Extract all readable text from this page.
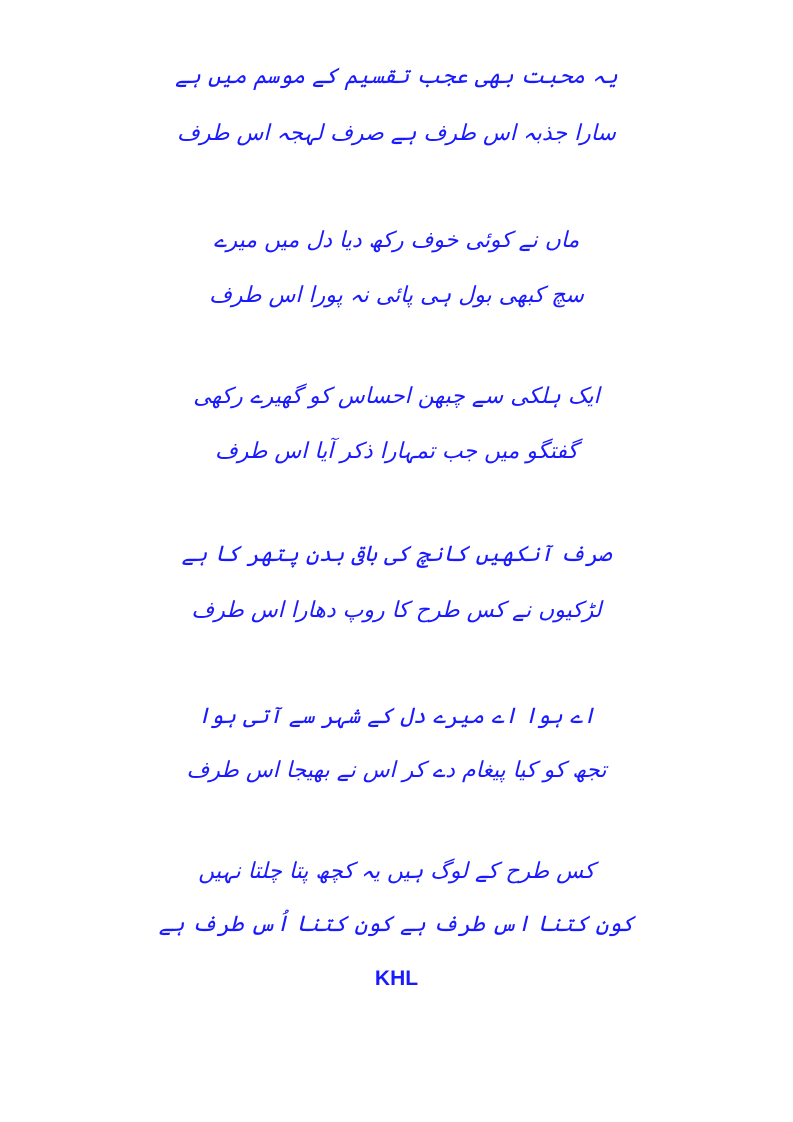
یہ محبت بھی عجب تقسیم کے موسم میں ہے
سارا جذبہ اس طرف ہے صرف لہجہ اس طرف
ماں نے کوئی خوف رکھ دیا دل میں میرے
سچ کبھی بول ہی پائی نہ پورا اس طرف
ایک ہلکی سے چبھن احساس کو گھیرے رکھی
گفتگو میں جب تمہارا ذکر آیا اس طرف
صرف آنکھیں کانچ کی باقی بدن پتھر کا ہے
لڑکیوں نے کس طرح کا روپ دھارا اس طرف
اے ہوا اے میرے دل کے شہر سے آتی ہوا
تجھ کو کیا پیغام دے کر اس نے بھیجا اس طرف
کس طرح کے لوگ ہیں یہ کچھ پتا چلتا نہیں
کون کتنا اس طرف ہے کون کتنا اُس طرف ہے
KHL
